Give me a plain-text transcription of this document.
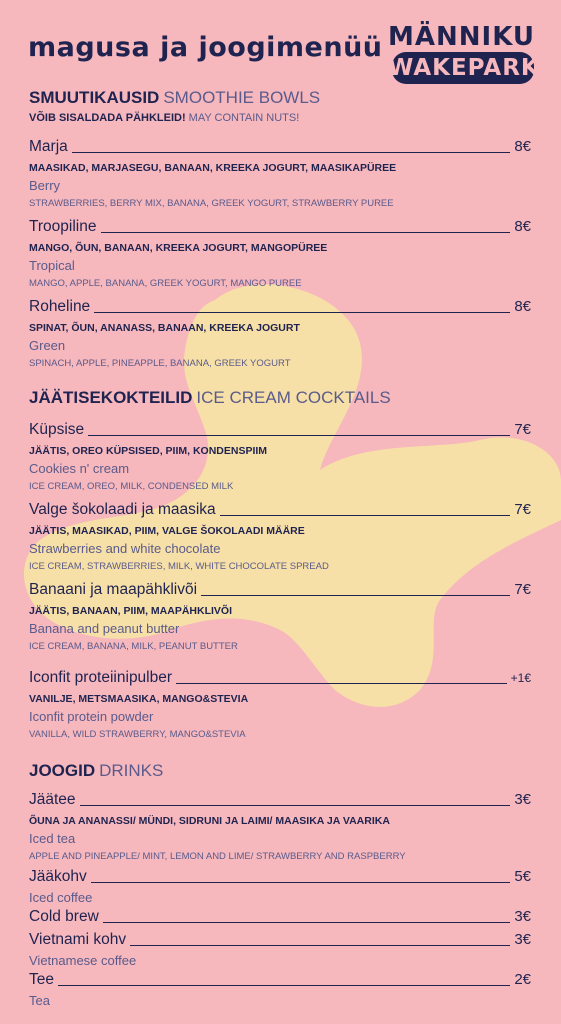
magusa ja joogimenüü MÄNNIKU
WAKEPARK
SMUUTIKAUSID SMOOTHIE BOWLS
VÕIB SISALDADA PÄHKLEID! MAY CONTAIN NUTS!
Marja	8€
MAASIKAD, MARJASEGU, BANAAN, KREEKA JOGURT, MAASIKAPÜREE
Berry
STRAWBERRIES, BERRY MIX, BANANA, GREEK YOGURT, STRAWBERRY PUREE
Troopiline	8€
MANGO, ÕUN, BANAAN, KREEKA JOGURT, MANGOPÜREE
Tropical
MANGO, APPLE, BANANA, GREEK YOGURT, MANGO PUREE
Roheline	8€
SPINAT, ÕUN, ANANASS, BANAAN, KREEKA JOGURT
Green
SPINACH, APPLE, PINEAPPLE, BANANA, GREEK YOGURT
JÄÄTISEKOKTEILID ICE CREAM COCKTAILS
Küpsise	7€
JÄÄTIS, OREO KÜPSISED, PIIM, KONDENSPIIM
Cookies n' cream
ICE CREAM, OREO, MILK, CONDENSED MILK
Valge šokolaadi ja maasika	7€
JÄÄTIS, MAASIKAD, PIIM, VALGE ŠOKOLAADI MÄÄRE
Strawberries and white chocolate
ICE CREAM, STRAWBERRIES, MILK, WHITE CHOCOLATE SPREAD
Banaani ja maapähklivõi	7€
JÄÄTIS, BANAAN, PIIM, MAAPÄHKLIVÕI
Banana and peanut butter
ICE CREAM, BANANA, MILK, PEANUT BUTTER
Iconfit proteiinipulber	+1€
VANILJE, METSMAASIKA, MANGO&STEVIA
Iconfit protein powder
VANILLA, WILD STRAWBERRY, MANGO&STEVIA
JOOGID DRINKS
Jäätee	3€
ÕUNA JA ANANASSI/ MÜNDI, SIDRUNI JA LAIMI/ MAASIKA JA VAARIKA
Iced tea
APPLE AND PINEAPPLE/ MINT, LEMON AND LIME/ STRAWBERRY AND RASPBERRY
Jääkohv	5€
Iced coffee
Cold brew	3€
Vietnami kohv	3€
Vietnamese coffee
Tee	2€
Tea
